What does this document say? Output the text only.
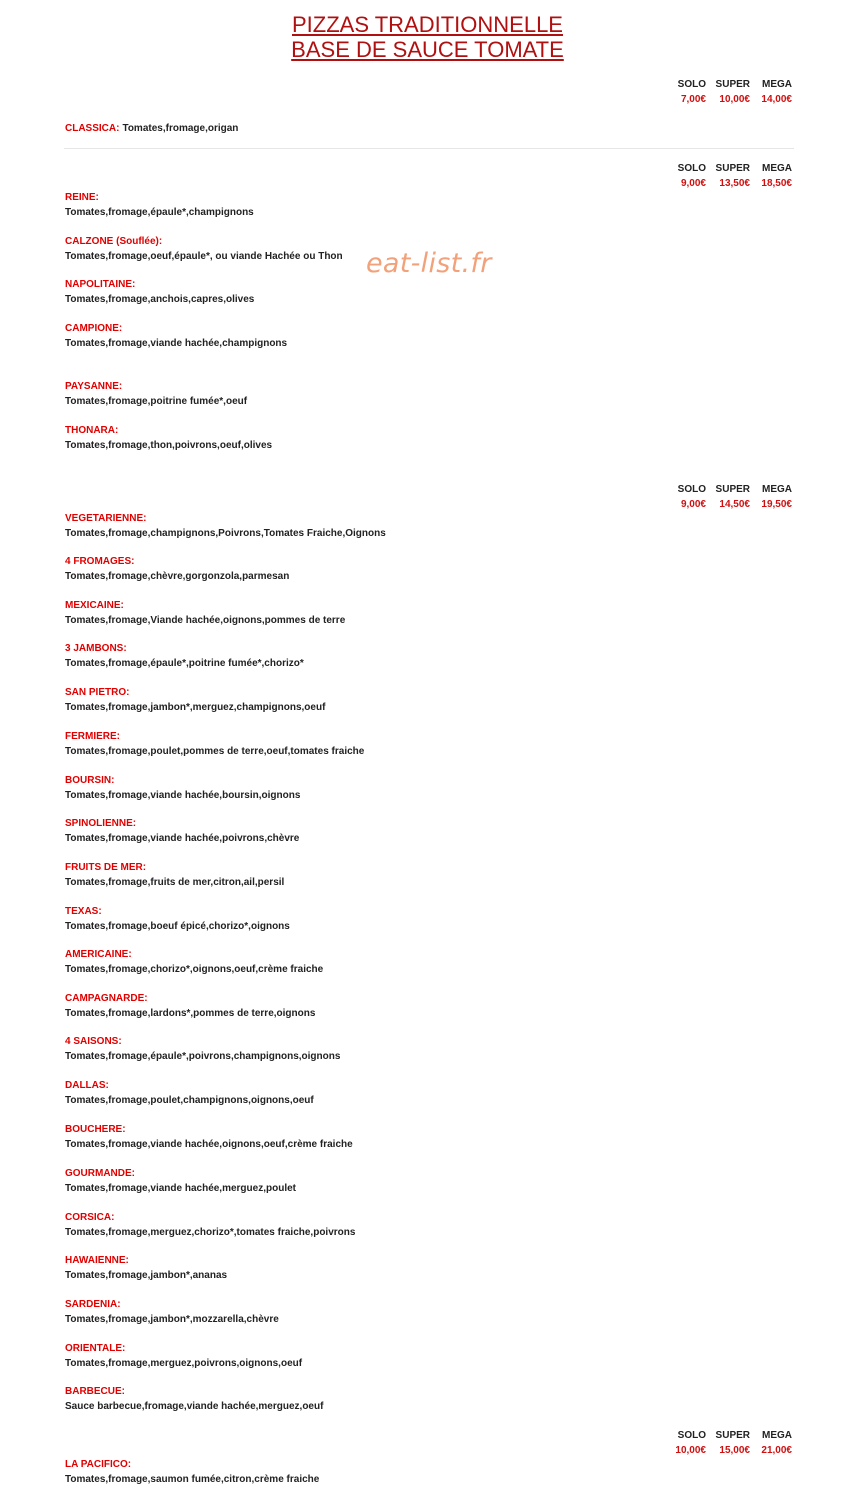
PIZZAS TRADITIONNELLE
BASE DE SAUCE TOMATE
eat-list.fr
SOLO SUPER	MEGA
7,00€	10,00€	14,00€
CLASSICA: Tomates,fromage,origan
SOLO SUPER	MEGA
9,00€	13,50€	18,50€
REINE:
Tomates,fromage,épaule*,champignons
CALZONE (Souflée):
Tomates,fromage,oeuf,épaule*, ou viande Hachée ou Thon
NAPOLITAINE:
Tomates,fromage,anchois,capres,olives
CAMPIONE:
Tomates,fromage,viande hachée,champignons
PAYSANNE:
Tomates,fromage,poitrine fumée*,oeuf
THONARA:
Tomates,fromage,thon,poivrons,oeuf,olives
SOLO SUPER	MEGA
9,00€	14,50€	19,50€
VEGETARIENNE:
Tomates,fromage,champignons,Poivrons,Tomates Fraiche,Oignons
4 FROMAGES:
Tomates,fromage,chèvre,gorgonzola,parmesan
MEXICAINE:
Tomates,fromage,Viande hachée,oignons,pommes de terre
3 JAMBONS:
Tomates,fromage,épaule*,poitrine fumée*,chorizo*
SAN PIETRO:
Tomates,fromage,jambon*,merguez,champignons,oeuf
FERMIERE:
Tomates,fromage,poulet,pommes de terre,oeuf,tomates fraiche
BOURSIN:
Tomates,fromage,viande hachée,boursin,oignons
SPINOLIENNE:
Tomates,fromage,viande hachée,poivrons,chèvre
FRUITS DE MER:
Tomates,fromage,fruits de mer,citron,ail,persil
TEXAS:
Tomates,fromage,boeuf épicé,chorizo*,oignons
AMERICAINE:
Tomates,fromage,chorizo*,oignons,oeuf,crème fraiche
CAMPAGNARDE:
Tomates,fromage,lardons*,pommes de terre,oignons
4 SAISONS:
Tomates,fromage,épaule*,poivrons,champignons,oignons
DALLAS:
Tomates,fromage,poulet,champignons,oignons,oeuf
BOUCHERE:
Tomates,fromage,viande hachée,oignons,oeuf,crème fraiche
GOURMANDE:
Tomates,fromage,viande hachée,merguez,poulet
CORSICA:
Tomates,fromage,merguez,chorizo*,tomates fraiche,poivrons
HAWAIENNE:
Tomates,fromage,jambon*,ananas
SARDENIA:
Tomates,fromage,jambon*,mozzarella,chèvre
ORIENTALE:
Tomates,fromage,merguez,poivrons,oignons,oeuf
BARBECUE:
Sauce barbecue,fromage,viande hachée,merguez,oeuf
SOLO SUPER	MEGA
10,00€	15,00€	21,00€
LA PACIFICO:
Tomates,fromage,saumon fumée,citron,crème fraiche
